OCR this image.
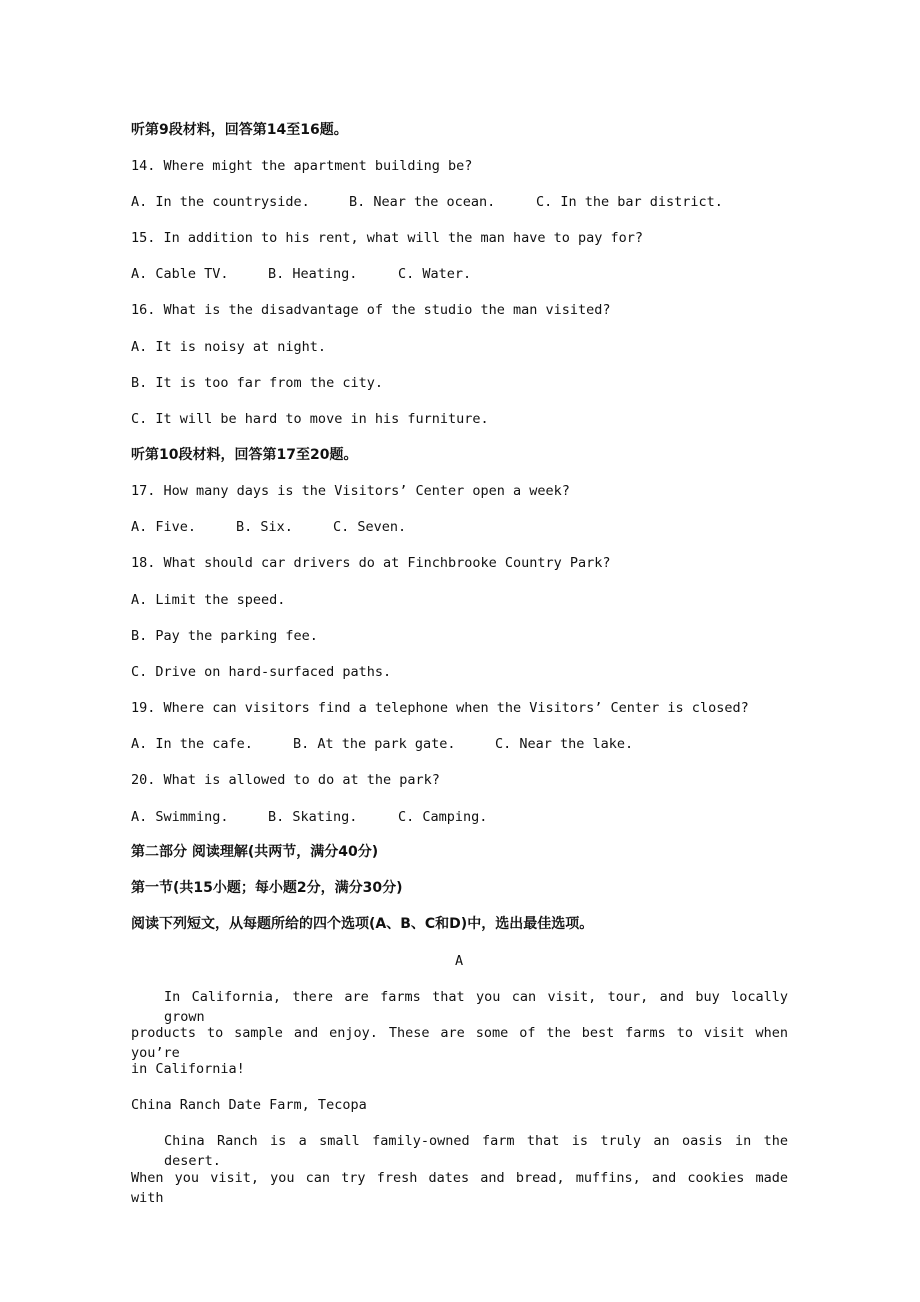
听第9段材料，回答第14至16题。
14. Where might the apartment building be?
A. In the countryside.	B. Near the ocean.	C. In the bar district.
15. In addition to his rent, what will the man have to pay for?
A. Cable TV.	B. Heating.	C. Water.
16. What is the disadvantage of the studio the man visited?
A. It is noisy at night.
B. It is too far from the city.
C. It will be hard to move in his furniture.
听第10段材料，回答第17至20题。
17. How many days is the Visitors’ Center open a week?
A. Five.	B. Six.	C. Seven.
18. What should car drivers do at Finchbrooke Country Park?
A. Limit the speed.
B. Pay the parking fee.
C. Drive on hard-surfaced paths.
19. Where can visitors find a telephone when the Visitors’ Center is closed?
A. In the cafe.	B. At the park gate.	C. Near the lake.
20. What is allowed to do at the park?
A. Swimming.	B. Skating.	C. Camping.
第二部分 阅读理解(共两节，满分40分)
第一节(共15小题；每小题2分，满分30分)
阅读下列短文，从每题所给的四个选项(A、B、C和D)中，选出最佳选项。
A
In California, there are farms that you can visit, tour, and buy locally grown
products to sample and enjoy. These are some of the best farms to visit when you’re
in California!
China Ranch Date Farm, Tecopa
China Ranch is a small family-owned farm that is truly an oasis in the desert.
When you visit, you can try fresh dates and bread, muffins, and cookies made with
